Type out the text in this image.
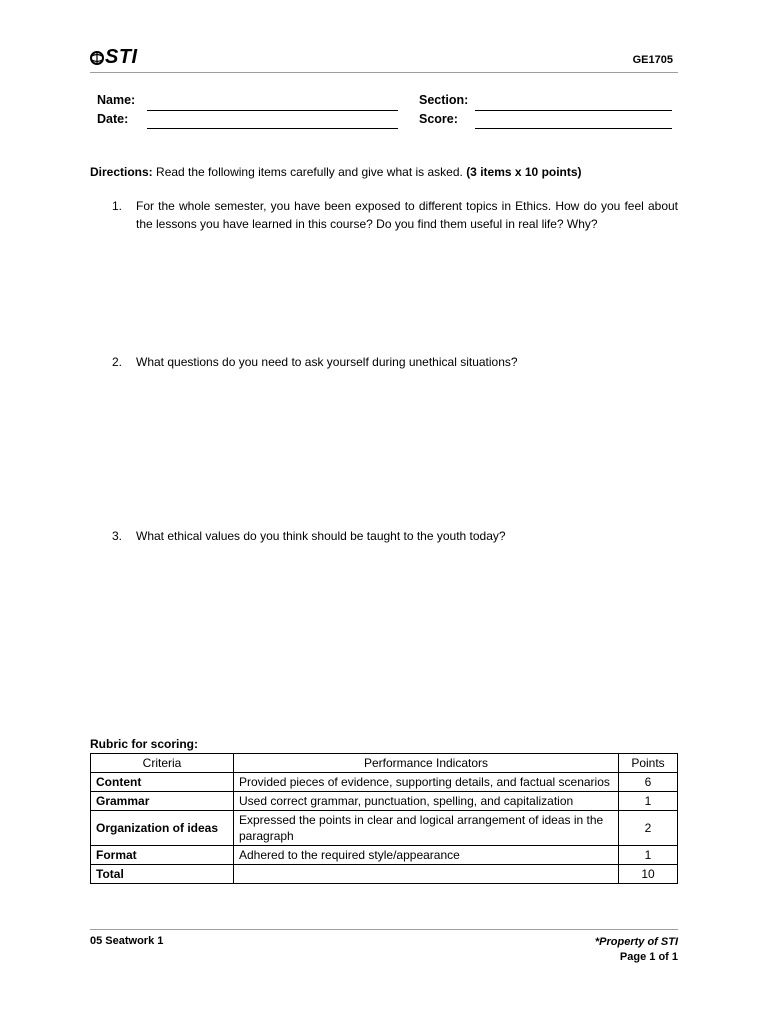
STI	GE1705
Name:
Date:
Section:
Score:
Directions: Read the following items carefully and give what is asked. (3 items x 10 points)
1.	For the whole semester, you have been exposed to different topics in Ethics. How do you feel about the lessons you have learned in this course? Do you find them useful in real life? Why?
2.	What questions do you need to ask yourself during unethical situations?
3.	What ethical values do you think should be taught to the youth today?
Rubric for scoring:
Criteria	Performance Indicators	Points
Content	Provided pieces of evidence, supporting details, and factual scenarios	6
Grammar	Used correct grammar, punctuation, spelling, and capitalization	1
Organization of ideas	Expressed the points in clear and logical arrangement of ideas in the paragraph	2
Format	Adhered to the required style/appearance	1
Total		10
05 Seatwork 1	*Property of STI
Page 1 of 1
